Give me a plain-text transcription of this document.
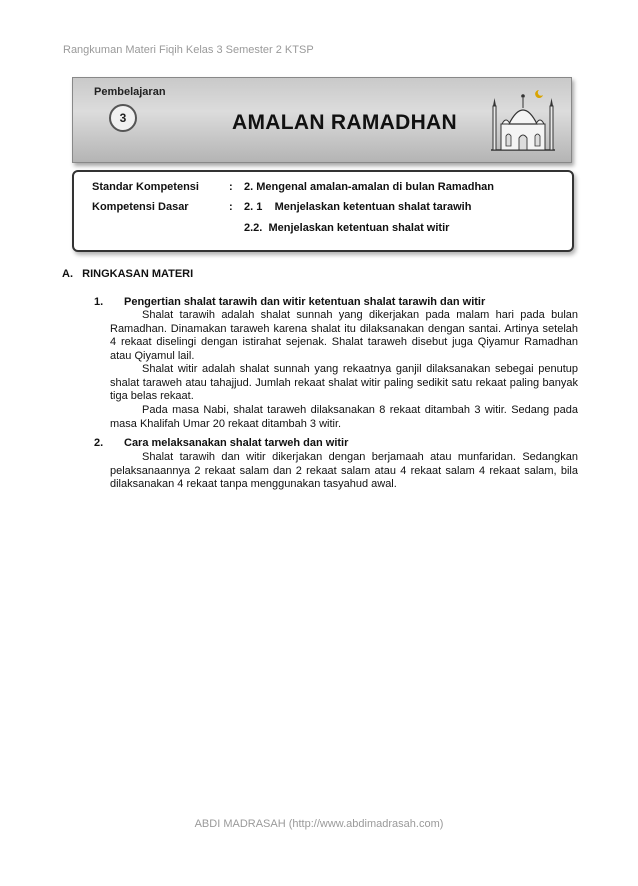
Rangkuman Materi Fiqih Kelas 3 Semester 2 KTSP
Pembelajaran
3	AMALAN RAMADHAN
Standar Kompetensi	: 2. Mengenal amalan-amalan di bulan Ramadhan
Kompetensi Dasar	: 2. 1    Menjelaskan ketentuan shalat tarawih
2.2.  Menjelaskan ketentuan shalat witir
A. RINGKASAN MATERI
1. Pengertian shalat tarawih dan witir ketentuan shalat tarawih dan witir
Shalat tarawih adalah shalat sunnah yang dikerjakan pada malam hari pada bulan Ramadhan. Dinamakan taraweh karena shalat itu dilaksanakan dengan santai. Artinya setelah 4 rekaat diselingi dengan istirahat sejenak. Shalat taraweh disebut juga Qiyamur Ramadhan atau Qiyamul lail.
Shalat witir adalah shalat sunnah yang rekaatnya ganjil dilaksanakan sebegai penutup shalat taraweh atau tahajjud. Jumlah rekaat shalat witir paling sedikit satu rekaat paling banyak tiga belas rekaat.
Pada masa Nabi, shalat taraweh dilaksanakan 8 rekaat ditambah 3 witir. Sedang pada masa Khalifah Umar 20 rekaat ditambah 3 witir.
2. Cara melaksanakan shalat tarweh dan witir
Shalat tarawih dan witir dikerjakan dengan berjamaah atau munfaridan. Sedangkan pelaksanaannya 2 rekaat salam dan 2 rekaat salam atau 4 rekaat salam 4 rekaat salam, bila dilaksanakan 4 rekaat tanpa menggunakan tasyahud awal.
ABDI MADRASAH (http://www.abdimadrasah.com)
